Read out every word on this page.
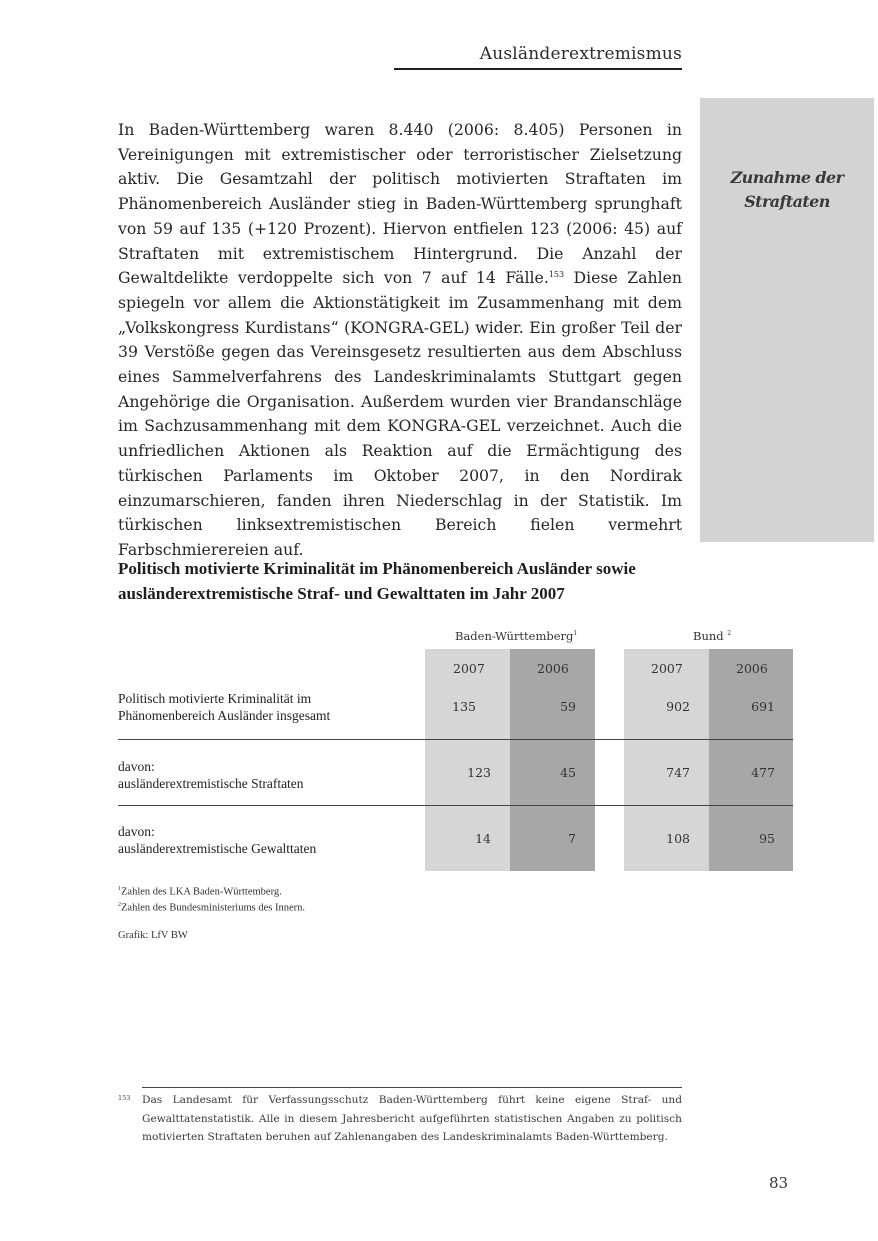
Ausländerextremismus
Zunahme der
Straftaten
In Baden-Württemberg waren 8.440 (2006: 8.405) Personen in Vereinigungen mit extremistischer oder terroristischer Zielsetzung aktiv. Die Gesamtzahl der politisch motivierten Straftaten im Phänomenbereich Ausländer stieg in Baden-Württemberg sprunghaft von 59 auf 135 (+120 Prozent). Hiervon entfielen 123 (2006: 45) auf Straftaten mit extremistischem Hintergrund. Die Anzahl der Gewaltdelikte verdoppelte sich von 7 auf 14 Fälle.$^{153}$ Diese Zahlen spiegeln vor allem die Aktionstätigkeit im Zusammenhang mit dem „Volkskongress Kurdistans“ (KONGRA-GEL) wider. Ein großer Teil der 39 Verstöße gegen das Vereinsgesetz resultierten aus dem Abschluss eines Sammelverfahrens des Landeskriminalamts Stuttgart gegen Angehörige die Organisation. Außerdem wurden vier Brandanschläge im Sachzusammenhang mit dem KONGRA-GEL verzeichnet. Auch die unfriedlichen Aktionen als Reaktion auf die Ermächtigung des türkischen Parlaments im Oktober 2007, in den Nordirak einzumarschieren, fanden ihren Niederschlag in der Statistik. Im türkischen linksextremistischen Bereich fielen vermehrt Farbschmierereien auf.
Politisch motivierte Kriminalität im Phänomenbereich Ausländer sowie
ausländerextremistische Straf- und Gewalttaten im Jahr 2007
Baden-Württemberg$^1$	Bund $^2$
2007	2006	2007	2006
Politisch motivierte Kriminalität im
Phänomenbereich Ausländer insgesamt
135	59	902	691
davon:
ausländerextremistische Straftaten
123	45	747	477
davon:
ausländerextremistische Gewalttaten
14	7	108	95
$^1$Zahlen des LKA Baden-Württemberg.
$^2$Zahlen des Bundesministeriums des Innern.
Grafik: LfV BW
153 Das Landesamt für Verfassungsschutz Baden-Württemberg führt keine eigene Straf- und Gewalttatenstatistik. Alle in diesem Jahresbericht aufgeführten statistischen Angaben zu politisch motivierten Straftaten beruhen auf Zahlenangaben des Landeskriminalamts Baden-Württemberg.
83
